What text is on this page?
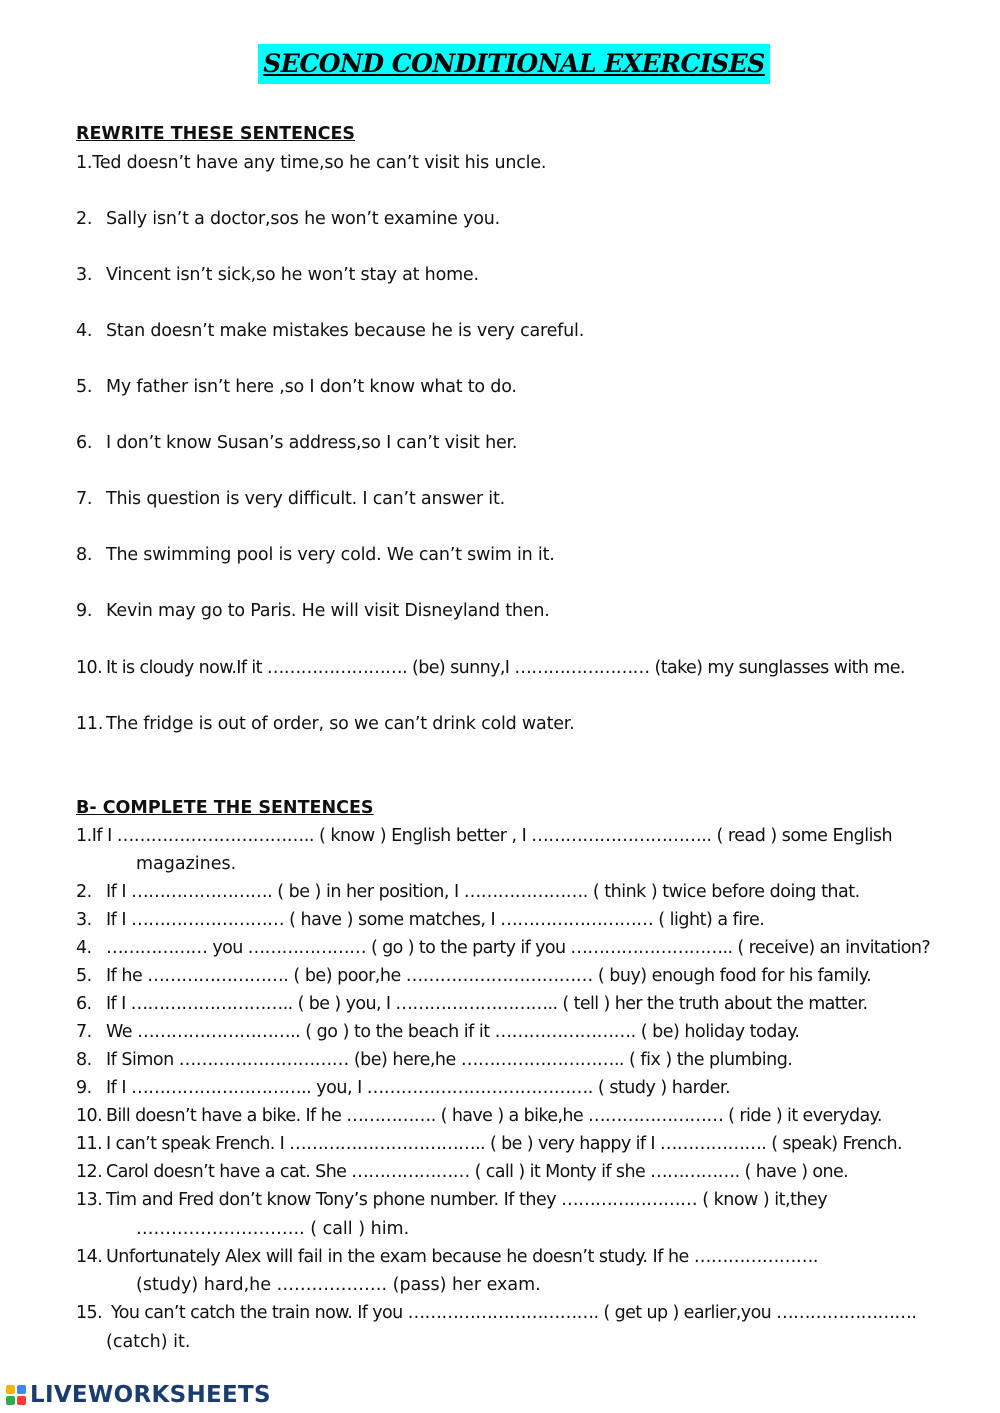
SECOND CONDITIONAL EXERCISES
REWRITE THESE SENTENCES
1.Ted doesn’t have any time,so he can’t visit his uncle.
2. Sally isn’t a doctor,sos he won’t examine you.
3. Vincent isn’t sick,so he won’t stay at home.
4. Stan doesn’t make mistakes because he is very careful.
5. My father isn’t here ,so I don’t know what to do.
6. I don’t know Susan’s address,so I can’t visit her.
7. This question is very difficult. I can’t answer it.
8. The swimming pool is very cold. We can’t swim in it.
9. Kevin may go to Paris. He will visit Disneyland then.
10. It is cloudy now.If it ……………………. (be) sunny,I …………………… (take) my sunglasses with me.
11. The fridge is out of order, so we can’t drink cold water.
B- COMPLETE THE SENTENCES
1.If I …………………………….. ( know ) English better , I ………………………….. ( read ) some English
magazines.
2. If I ……………………. ( be ) in her position, I …………………. ( think ) twice before doing that.
3. If I ……………………… ( have ) some matches, I ……………………… ( light) a fire.
4. ……………… you ………………… ( go ) to the party if you ……………………….. ( receive) an invitation?
5. If he ……………………. ( be) poor,he …………………………… ( buy) enough food for his family.
6. If I ……………………….. ( be ) you, I ……………………….. ( tell ) her the truth about the matter.
7. We ……………………….. ( go ) to the beach if it ……………………. ( be) holiday today.
8. If Simon ………………………… (be) here,he ……………………….. ( fix ) the plumbing.
9. If I ………………………….. you, I …………………………………. ( study ) harder.
10. Bill doesn’t have a bike. If he ……………. ( have ) a bike,he …………………… ( ride ) it everyday.
11. I can’t speak French. I …………………………….. ( be ) very happy if I ………………. ( speak) French.
12. Carol doesn’t have a cat. She ………………… ( call ) it Monty if she ……………. ( have ) one.
13. Tim and Fred don’t know Tony’s phone number. If they …………………… ( know ) it,they
……………………….. ( call ) him.
14. Unfortunately Alex will fail in the exam because he doesn’t study. If he ………………….
(study) hard,he ………………. (pass) her exam.
15. You can’t catch the train now. If you ……………………………. ( get up ) earlier,you …………………….
(catch) it.
LIVEWORKSHEETS
